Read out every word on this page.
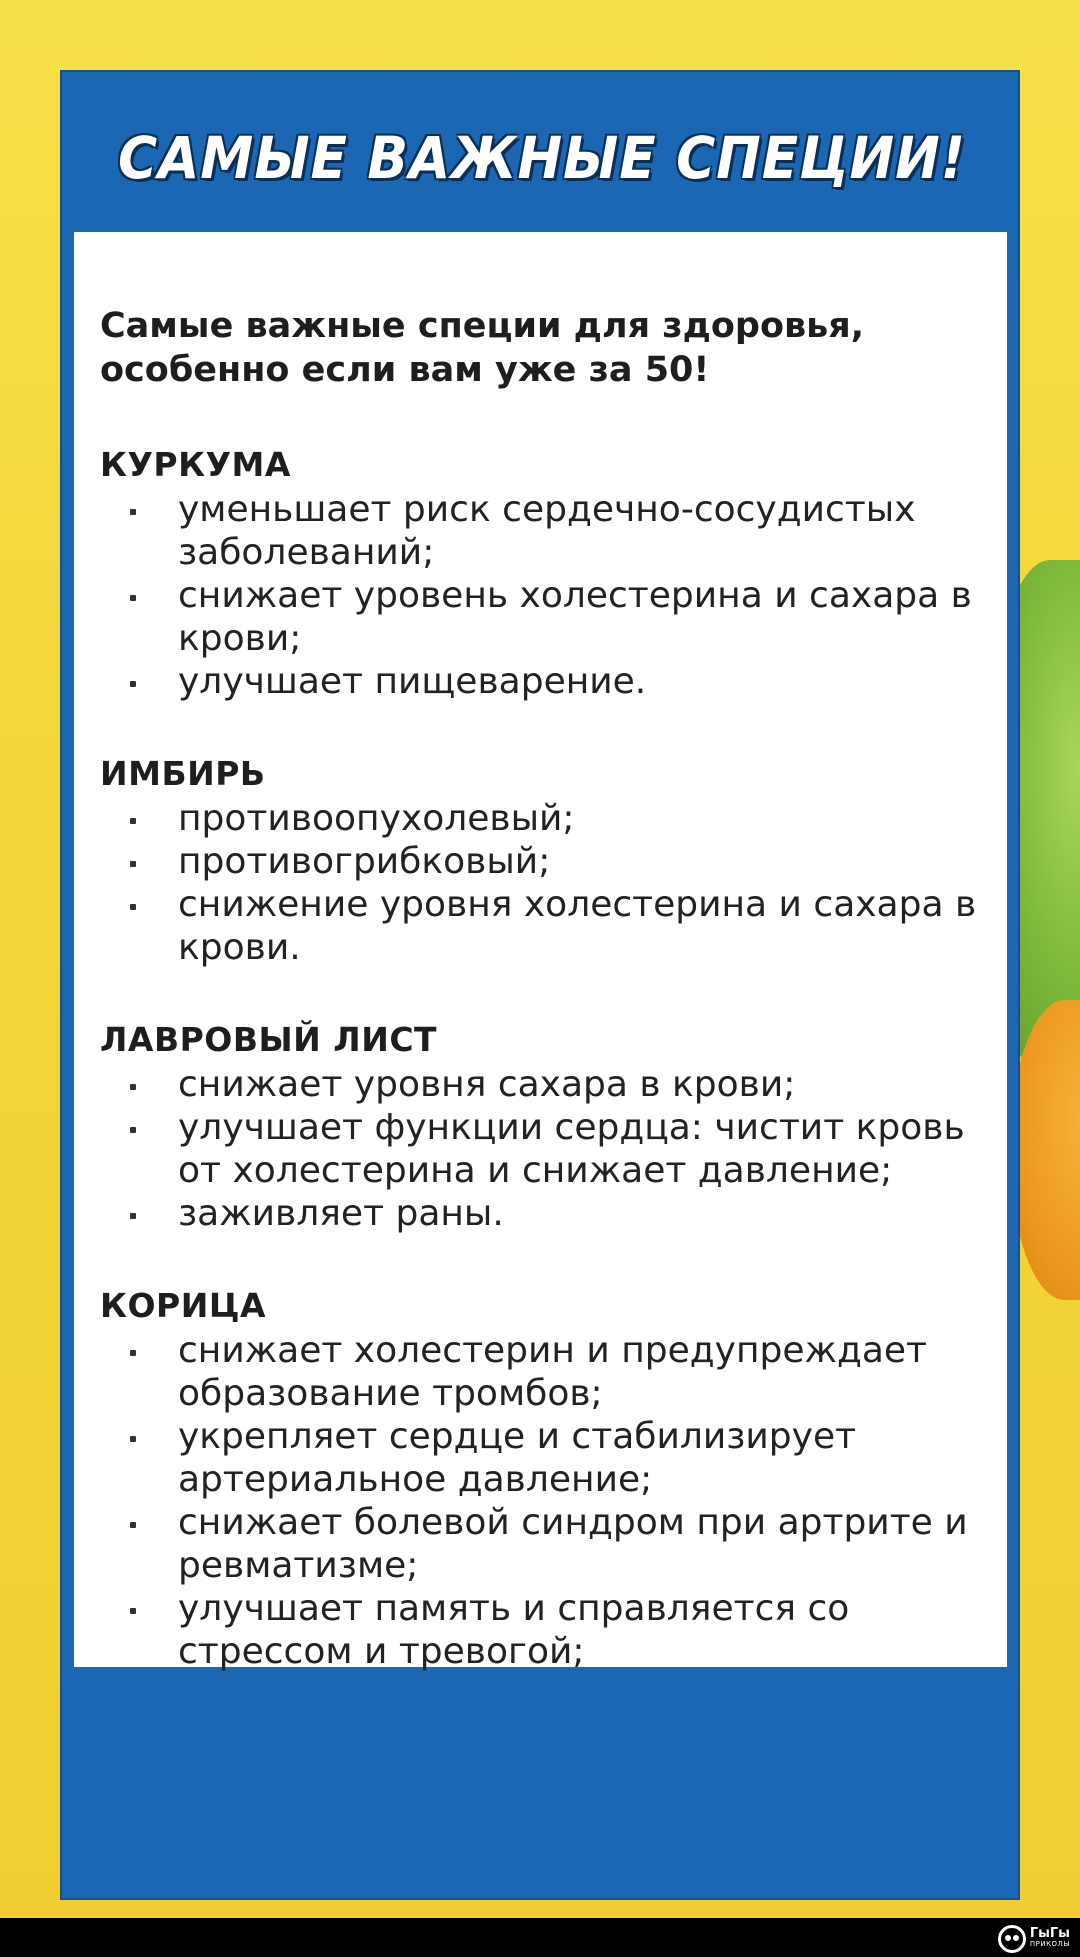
САМЫЕ ВАЖНЫЕ СПЕЦИИ!

Самые важные специи для здоровья, особенно если вам уже за 50!

КУРКУМА
уменьшает риск сердечно-сосудистых заболеваний;
снижает уровень холестерина и сахара в крови;
улучшает пищеварение.
ИМБИРЬ
противоопухолевый;
противогрибковый;
снижение уровня холестерина и сахара в крови.
ЛАВРОВЫЙ ЛИСТ
снижает уровня сахара в крови;
улучшает функции сердца: чистит кровь от холестерина и снижает давление;
заживляет раны.
КОРИЦА
снижает холестерин и предупреждает образование тромбов;
укрепляет сердце и стабилизирует артериальное давление;
снижает болевой синдром при артрите и ревматизме;
улучшает память и справляется со стрессом и тревогой;
ГыГы
ПРИКОЛЫ
